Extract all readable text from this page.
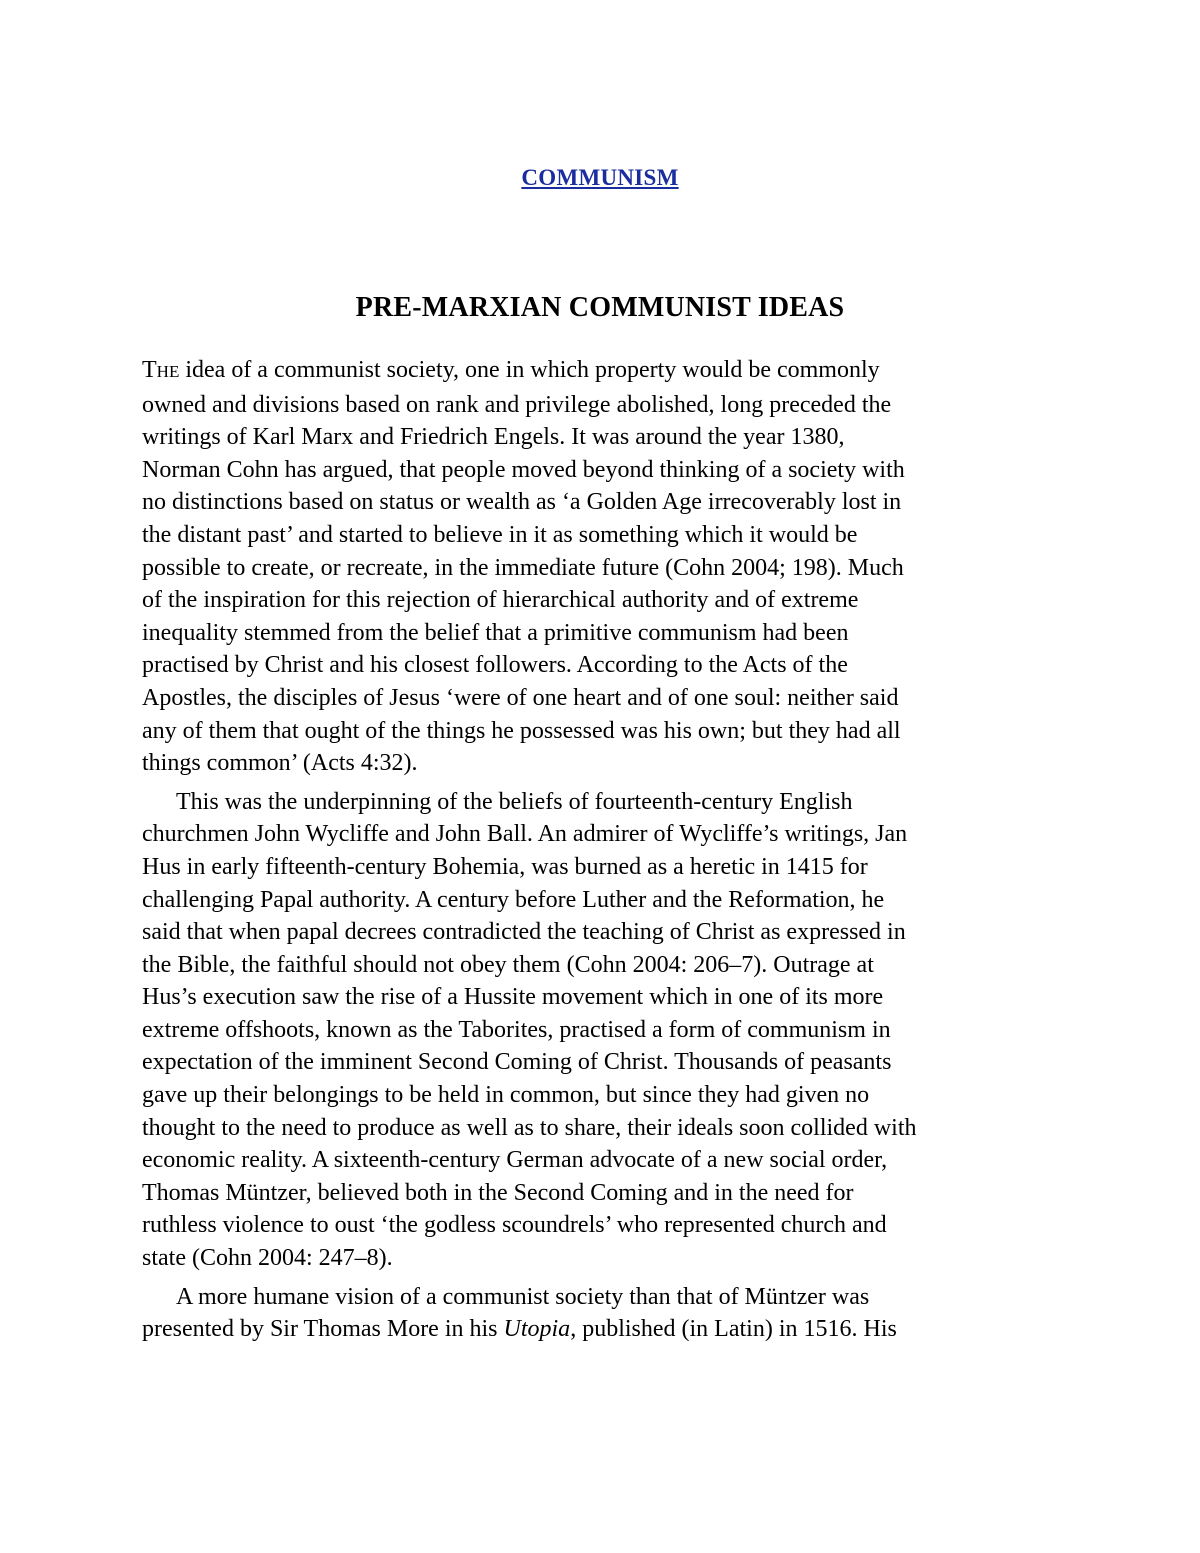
COMMUNISM
PRE-MARXIAN COMMUNIST IDEAS
THE idea of a communist society, one in which property would be commonly
owned and divisions based on rank and privilege abolished, long preceded the
writings of Karl Marx and Friedrich Engels. It was around the year 1380,
Norman Cohn has argued, that people moved beyond thinking of a society with
no distinctions based on status or wealth as ‘a Golden Age irrecoverably lost in
the distant past’ and started to believe in it as something which it would be
possible to create, or recreate, in the immediate future (Cohn 2004; 198). Much
of the inspiration for this rejection of hierarchical authority and of extreme
inequality stemmed from the belief that a primitive communism had been
practised by Christ and his closest followers. According to the Acts of the
Apostles, the disciples of Jesus ‘were of one heart and of one soul: neither said
any of them that ought of the things he possessed was his own; but they had all
things common’ (Acts 4:32).
This was the underpinning of the beliefs of fourteenth-century English
churchmen John Wycliffe and John Ball. An admirer of Wycliffe’s writings, Jan
Hus in early fifteenth-century Bohemia, was burned as a heretic in 1415 for
challenging Papal authority. A century before Luther and the Reformation, he
said that when papal decrees contradicted the teaching of Christ as expressed in
the Bible, the faithful should not obey them (Cohn 2004: 206–7). Outrage at
Hus’s execution saw the rise of a Hussite movement which in one of its more
extreme offshoots, known as the Taborites, practised a form of communism in
expectation of the imminent Second Coming of Christ. Thousands of peasants
gave up their belongings to be held in common, but since they had given no
thought to the need to produce as well as to share, their ideals soon collided with
economic reality. A sixteenth-century German advocate of a new social order,
Thomas Müntzer, believed both in the Second Coming and in the need for
ruthless violence to oust ‘the godless scoundrels’ who represented church and
state (Cohn 2004: 247–8).
A more humane vision of a communist society than that of Müntzer was
presented by Sir Thomas More in his Utopia, published (in Latin) in 1516. His
